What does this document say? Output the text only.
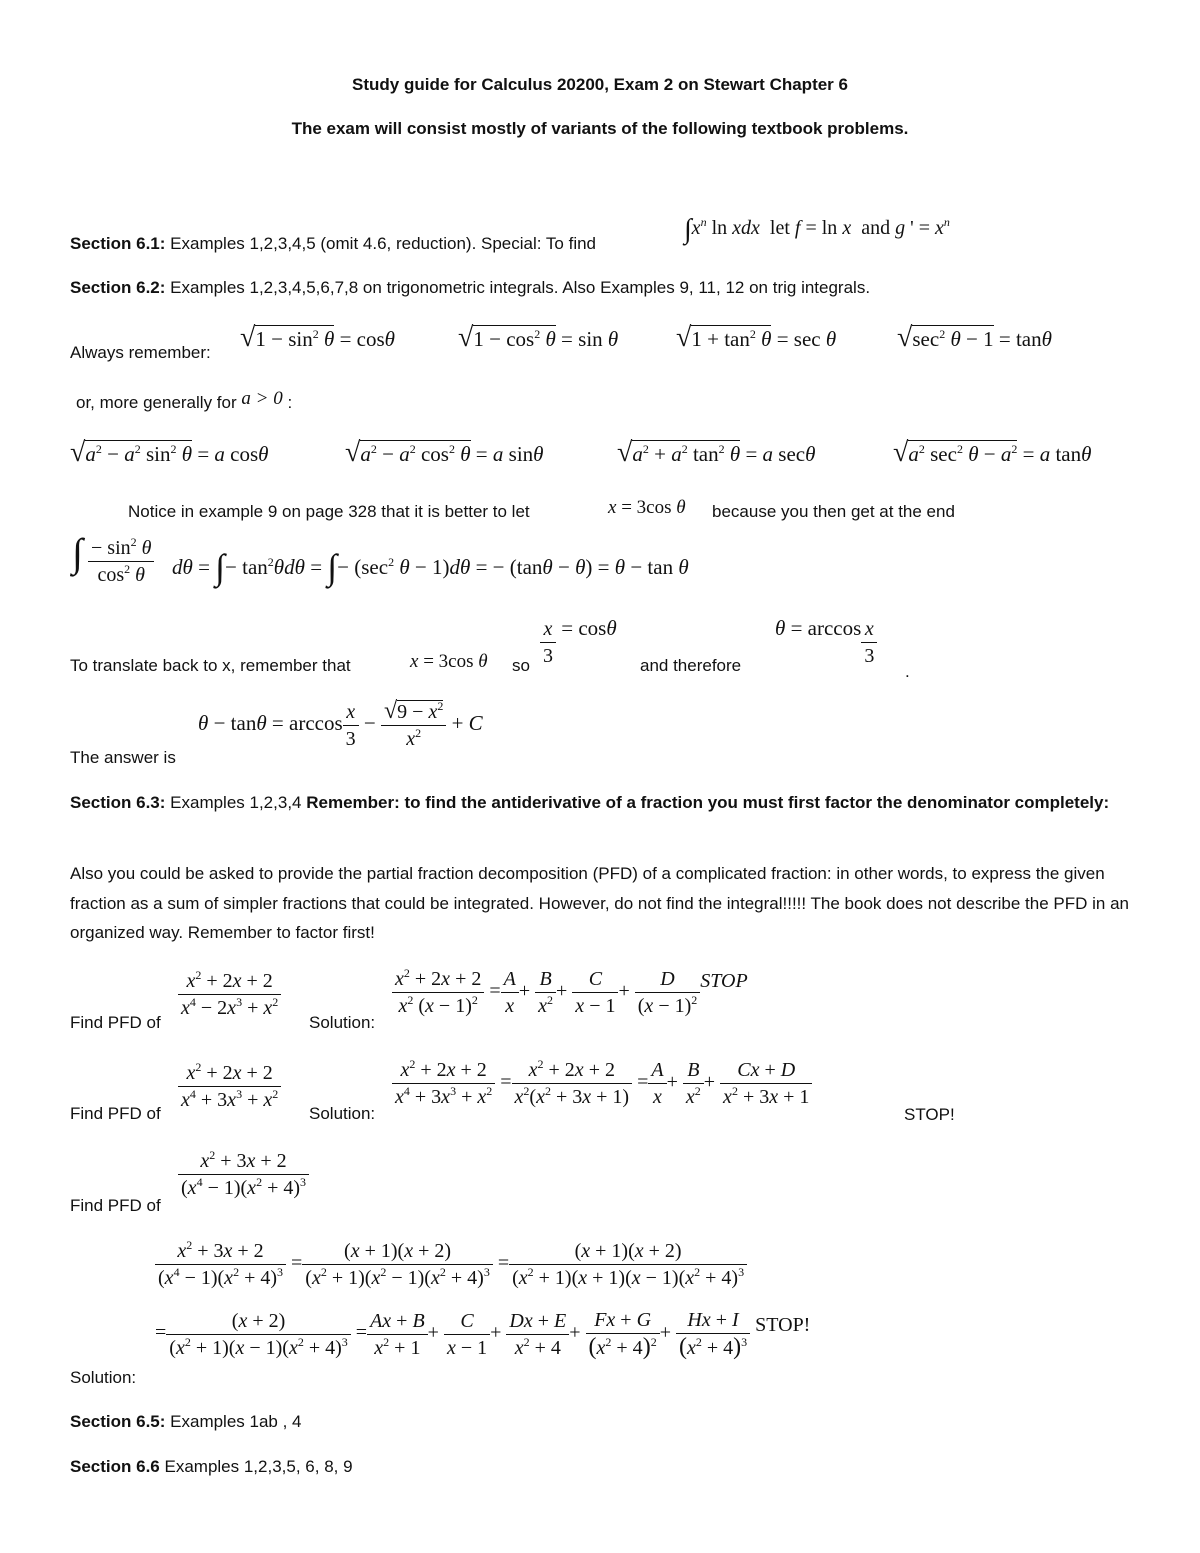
Study guide for Calculus 20200, Exam 2 on Stewart Chapter 6
The exam will consist mostly of variants of the following textbook problems.
Section 6.1: Examples 1,2,3,4,5 (omit 4.6, reduction). Special: To find	$\int x^n$ ln xdx  let f = ln x  and g ' = $x^n$
Section 6.2: Examples 1,2,3,4,5,6,7,8 on trigonometric integrals. Also Examples 9, 11, 12 on trig integrals.
Always remember: $√1 - \sin^2 \theta = \cos\theta$ $√1 - \cos^2 \theta = \sin \theta$ $√1 + \tan^2 \theta = \sec \theta$ $√\sec^2$ θ − 1 = tanθ
or, more generally for a > 0 :
$√a^2 - a^2$ $\sin^2 \theta = a$ cosθ	$√a^2 - a^2$ $\cos^2 \theta = a$ sinθ	$√a^2 + a^2$ $\tan^2 \theta = a$ secθ	$√a^2$ $\sec^2 \theta - a^2 = a$ tanθ
Notice in example 9 on page 328 that it is better to let	x = 3cos θ because you then get at the end
∫ $\frac{- \sin^2 \theta}{\cos^2 \theta}$ dθ = ∫− $\tan^2\theta d\theta$ = ∫− ($\sec^2$ θ − 1)dθ = − (tanθ − θ) = θ − tan θ
To translate back to x, remember that	x = 3cos θ so $\frac{x}{3} = \cos\theta$
and therefore
$\theta = \arccos \frac{x}{3}$
.
The answer is
$\theta - \tan\theta = \arccos \frac{x}{3} - \frac{√9 - x^2}{x^2} + C$
Section 6.3: Examples 1,2,3,4 Remember: to find the antiderivative of a fraction you must first factor the denominator completely:
Also you could be asked to provide the partial fraction decomposition (PFD) of a complicated fraction: in other words, to express the given fraction as a sum of simpler fractions that could be integrated. However, do not find the integral!!!!! The book does not describe the PFD in an organized way. Remember to factor first!
Find PFD of
$\frac{x^2 + 2x + 2}{x^4 - 2x^3 + x^2}$
Solution:
$\frac{x^2 + 2x + 2}{x^2 (x - 1)^2} = \frac{A}{x} + \frac{B}{x^2} + \frac{C}{x - 1} + \frac{D}{(x - 1)^2}$ STOP
Find PFD of
$\frac{x^2 + 2x + 2}{x^4 + 3x^3 + x^2}$
Solution:
$\frac{x^2 + 2x + 2}{x^4 + 3x^3 + x^2} = \frac{x^2 + 2x + 2}{x^2(x^2 + 3x + 1)} = \frac{A}{x} + \frac{B}{x^2} + \frac{Cx + D}{x^2 + 3x + 1}$
STOP!
Find PFD of
$\frac{x^2 + 3x + 2}{(x^4 - 1)(x^2 + 4)^3}$
$\frac{x^2 + 3x + 2}{(x^4 - 1)(x^2 + 4)^3} = \frac{(x + 1)(x + 2)}{(x^2 + 1)(x^2 - 1)(x^2 + 4)^3} = \frac{(x + 1)(x + 2)}{(x^2 + 1)(x + 1)(x - 1)(x^2 + 4)^3}$
= $\frac{(x + 2)}{(x^2 + 1)(x - 1)(x^2 + 4)^3} = \frac{Ax + B}{x^2 + 1} + \frac{C}{x - 1} + \frac{Dx + E}{x^2 + 4} + \frac{Fx + G}{(x^2 + 4)^2} + \frac{Hx + I}{(x^2 + 4)^3}$ STOP!
Solution:
Section 6.5: Examples 1ab , 4
Section 6.6 Examples 1,2,3,5, 6, 8, 9
